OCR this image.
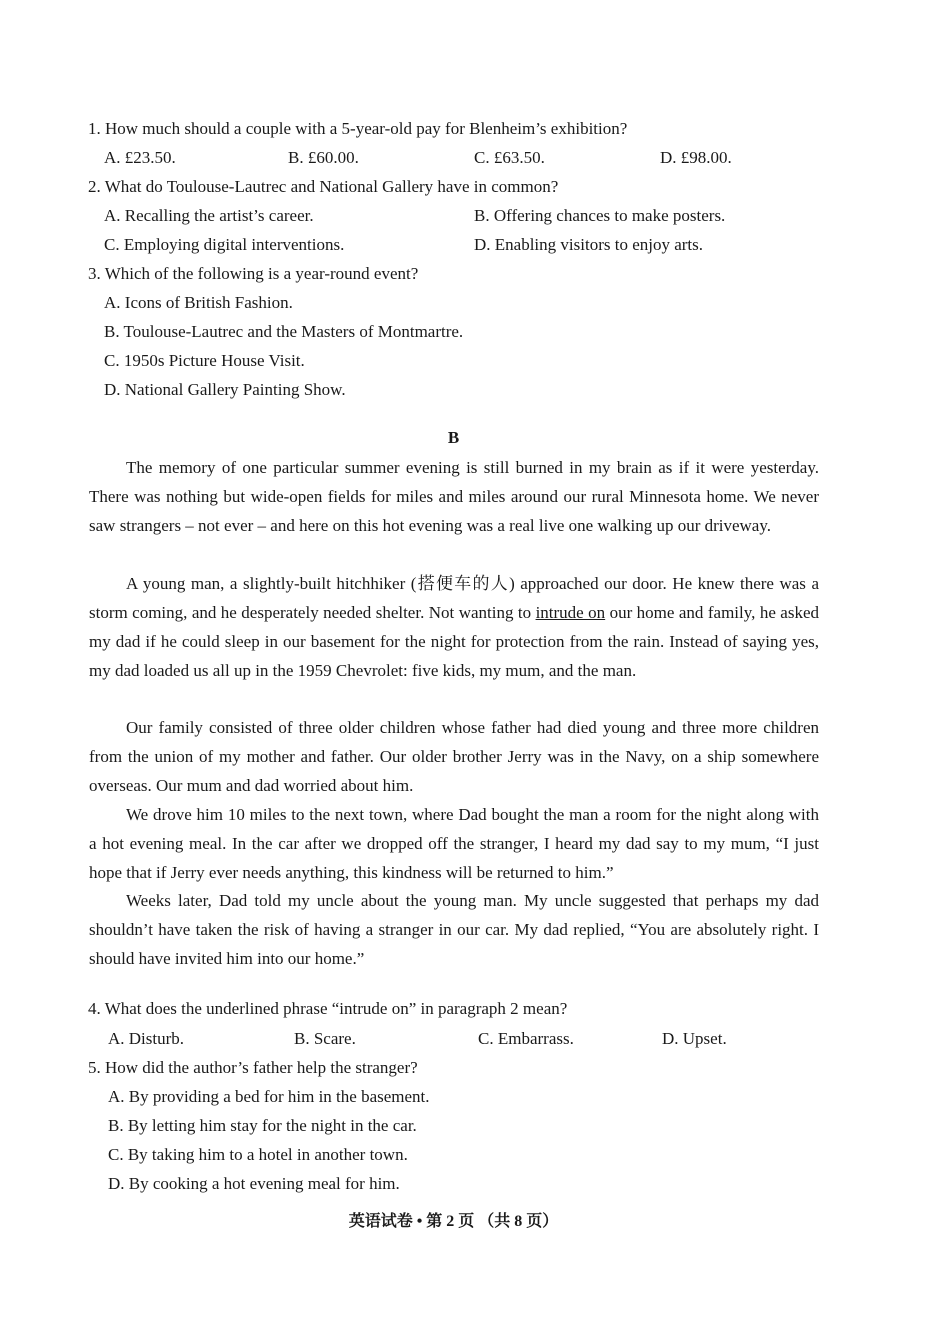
1. How much should a couple with a 5-year-old pay for Blenheim’s exhibition?
A. £23.50.	B. £60.00.	C. £63.50.	D. £98.00.
2. What do Toulouse-Lautrec and National Gallery have in common?
A. Recalling the artist’s career.	B. Offering chances to make posters.
C. Employing digital interventions.	D. Enabling visitors to enjoy arts.
3. Which of the following is a year-round event?
A. Icons of British Fashion.
B. Toulouse-Lautrec and the Masters of Montmartre.
C. 1950s Picture House Visit.
D. National Gallery Painting Show.
B
The memory of one particular summer evening is still burned in my brain as if it were yesterday. There was nothing but wide-open fields for miles and miles around our rural Minnesota home. We never saw strangers – not ever – and here on this hot evening was a real live one walking up our driveway.
A young man, a slightly-built hitchhiker (搭便车的人) approached our door. He knew there was a storm coming, and he desperately needed shelter. Not wanting to intrude on our home and family, he asked my dad if he could sleep in our basement for the night for protection from the rain. Instead of saying yes, my dad loaded us all up in the 1959 Chevrolet: five kids, my mum, and the man.
Our family consisted of three older children whose father had died young and three more children from the union of my mother and father. Our older brother Jerry was in the Navy, on a ship somewhere overseas. Our mum and dad worried about him.
We drove him 10 miles to the next town, where Dad bought the man a room for the night along with a hot evening meal. In the car after we dropped off the stranger, I heard my dad say to my mum, “I just hope that if Jerry ever needs anything, this kindness will be returned to him.”
Weeks later, Dad told my uncle about the young man. My uncle suggested that perhaps my dad shouldn’t have taken the risk of having a stranger in our car. My dad replied, “You are absolutely right. I should have invited him into our home.”
4. What does the underlined phrase “intrude on” in paragraph 2 mean?
A. Disturb.	B. Scare.	C. Embarrass.	D. Upset.
5. How did the author’s father help the stranger?
A. By providing a bed for him in the basement.
B. By letting him stay for the night in the car.
C. By taking him to a hotel in another town.
D. By cooking a hot evening meal for him.
英语试卷 • 第 2 页 （共 8 页）
